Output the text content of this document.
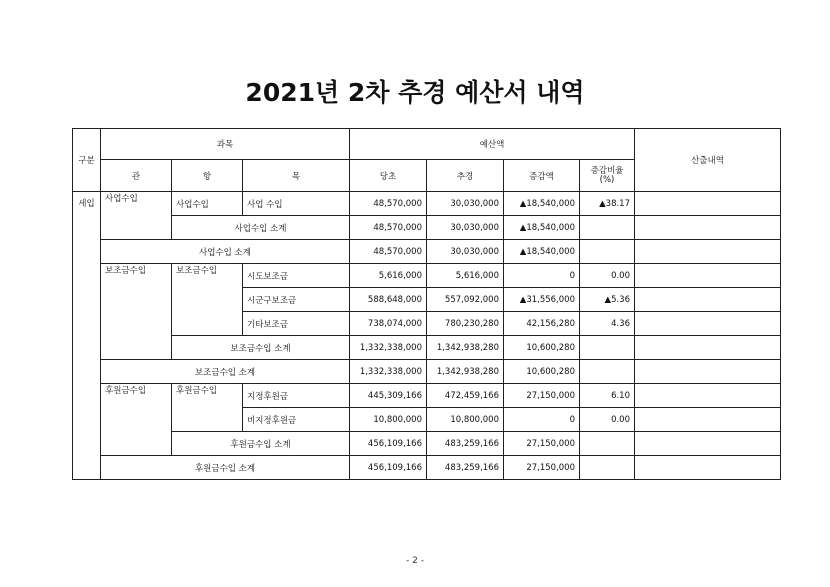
2021년 2차 추경 예산서 내역
구분	과목			예산액				산출내역
	관	항	목	당초	추경	증감액	증감비율
(%)	
세입	사업수입	사업수입	사업 수입	48,570,000	30,030,000	▲18,540,000	▲38.17	
		사업수입 소계		48,570,000	30,030,000	▲18,540,000		
	사업수입 소계			48,570,000	30,030,000	▲18,540,000		
	보조금수입	보조금수입	시도보조금	5,616,000	5,616,000	0	0.00	
			시군구보조금	588,648,000	557,092,000	▲31,556,000	▲5.36	
			기타보조금	738,074,000	780,230,280	42,156,280	4.36	
		보조금수입 소계		1,332,338,000	1,342,938,280	10,600,280		
	보조금수입 소계			1,332,338,000	1,342,938,280	10,600,280		
	후원금수입	후원금수입	지정후원금	445,309,166	472,459,166	27,150,000	6.10	
			비지정후원금	10,800,000	10,800,000	0	0.00	
		후원금수입 소계		456,109,166	483,259,166	27,150,000		
	후원금수입 소계			456,109,166	483,259,166	27,150,000		
- 2 -
